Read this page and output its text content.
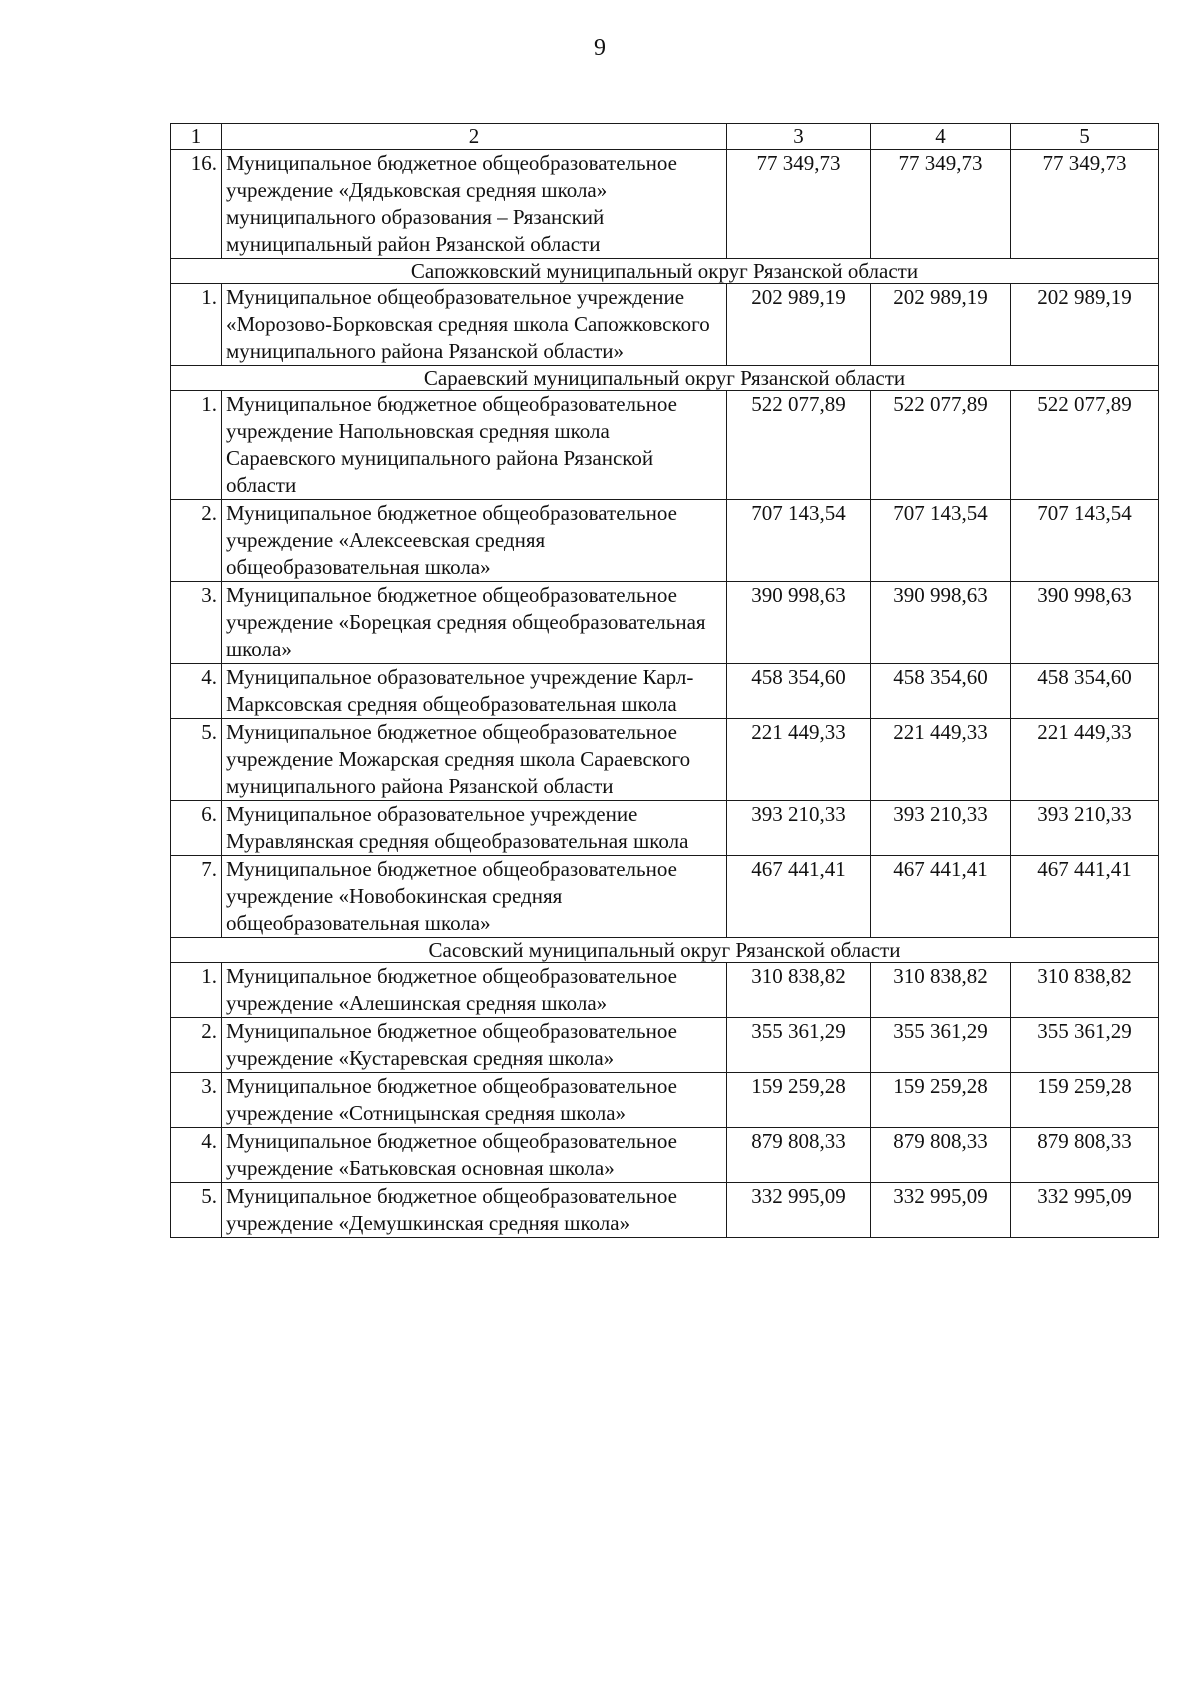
9
1	2	3	4	5
16.	Муниципальное бюджетное общеобразовательное учреждение «Дядьковская средняя школа» муниципального образования – Рязанский муниципальный район Рязанской области	77 349,73	77 349,73	77 349,73
Сапожковский муниципальный округ Рязанской области				
1.	Муниципальное общеобразовательное учреждение «Морозово-Борковская средняя школа Сапожковского муниципального района Рязанской области»	202 989,19	202 989,19	202 989,19
Сараевский муниципальный округ Рязанской области				
1.	Муниципальное бюджетное общеобразовательное учреждение Напольновская средняя школа Сараевского муниципального района Рязанской области	522 077,89	522 077,89	522 077,89
2.	Муниципальное бюджетное общеобразовательное учреждение «Алексеевская средняя общеобразовательная школа»	707 143,54	707 143,54	707 143,54
3.	Муниципальное бюджетное общеобразовательное учреждение «Борецкая средняя общеобразовательная школа»	390 998,63	390 998,63	390 998,63
4.	Муниципальное образовательное учреждение Карл-Марксовская средняя общеобразовательная школа	458 354,60	458 354,60	458 354,60
5.	Муниципальное бюджетное общеобразовательное учреждение Можарская средняя школа Сараевского муниципального района Рязанской области	221 449,33	221 449,33	221 449,33
6.	Муниципальное образовательное учреждение Муравлянская средняя общеобразовательная школа	393 210,33	393 210,33	393 210,33
7.	Муниципальное бюджетное общеобразовательное учреждение «Новобокинская средняя общеобразовательная школа»	467 441,41	467 441,41	467 441,41
Сасовский муниципальный округ Рязанской области				
1.	Муниципальное бюджетное общеобразовательное учреждение «Алешинская средняя школа»	310 838,82	310 838,82	310 838,82
2.	Муниципальное бюджетное общеобразовательное учреждение «Кустаревская средняя школа»	355 361,29	355 361,29	355 361,29
3.	Муниципальное бюджетное общеобразовательное учреждение «Сотницынская средняя школа»	159 259,28	159 259,28	159 259,28
4.	Муниципальное бюджетное общеобразовательное учреждение «Батьковская основная школа»	879 808,33	879 808,33	879 808,33
5.	Муниципальное бюджетное общеобразовательное учреждение «Демушкинская средняя школа»	332 995,09	332 995,09	332 995,09
